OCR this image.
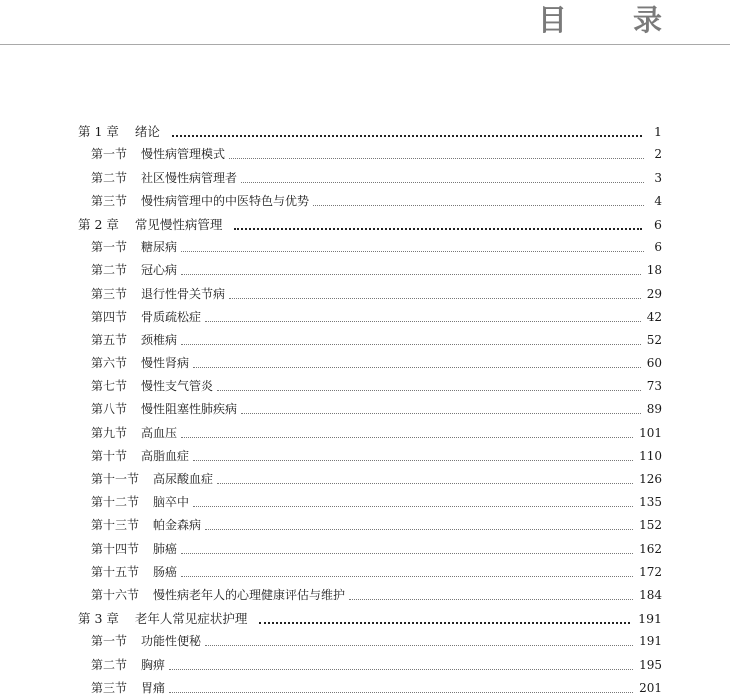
目 录
第 1 章 绪论	1
第一节 慢性病管理模式	2
第二节 社区慢性病管理者	3
第三节 慢性病管理中的中医特色与优势	4
第 2 章 常见慢性病管理	6
第一节 糖尿病	6
第二节 冠心病	18
第三节 退行性骨关节病	29
第四节 骨质疏松症	42
第五节 颈椎病	52
第六节 慢性肾病	60
第七节 慢性支气管炎	73
第八节 慢性阻塞性肺疾病	89
第九节 高血压	101
第十节 高脂血症	110
第十一节 高尿酸血症	126
第十二节 脑卒中	135
第十三节 帕金森病	152
第十四节 肺癌	162
第十五节 肠癌	172
第十六节 慢性病老年人的心理健康评估与维护	184
第 3 章 老年人常见症状护理	191
第一节 功能性便秘	191
第二节 胸痹	195
第三节 胃痛	201
